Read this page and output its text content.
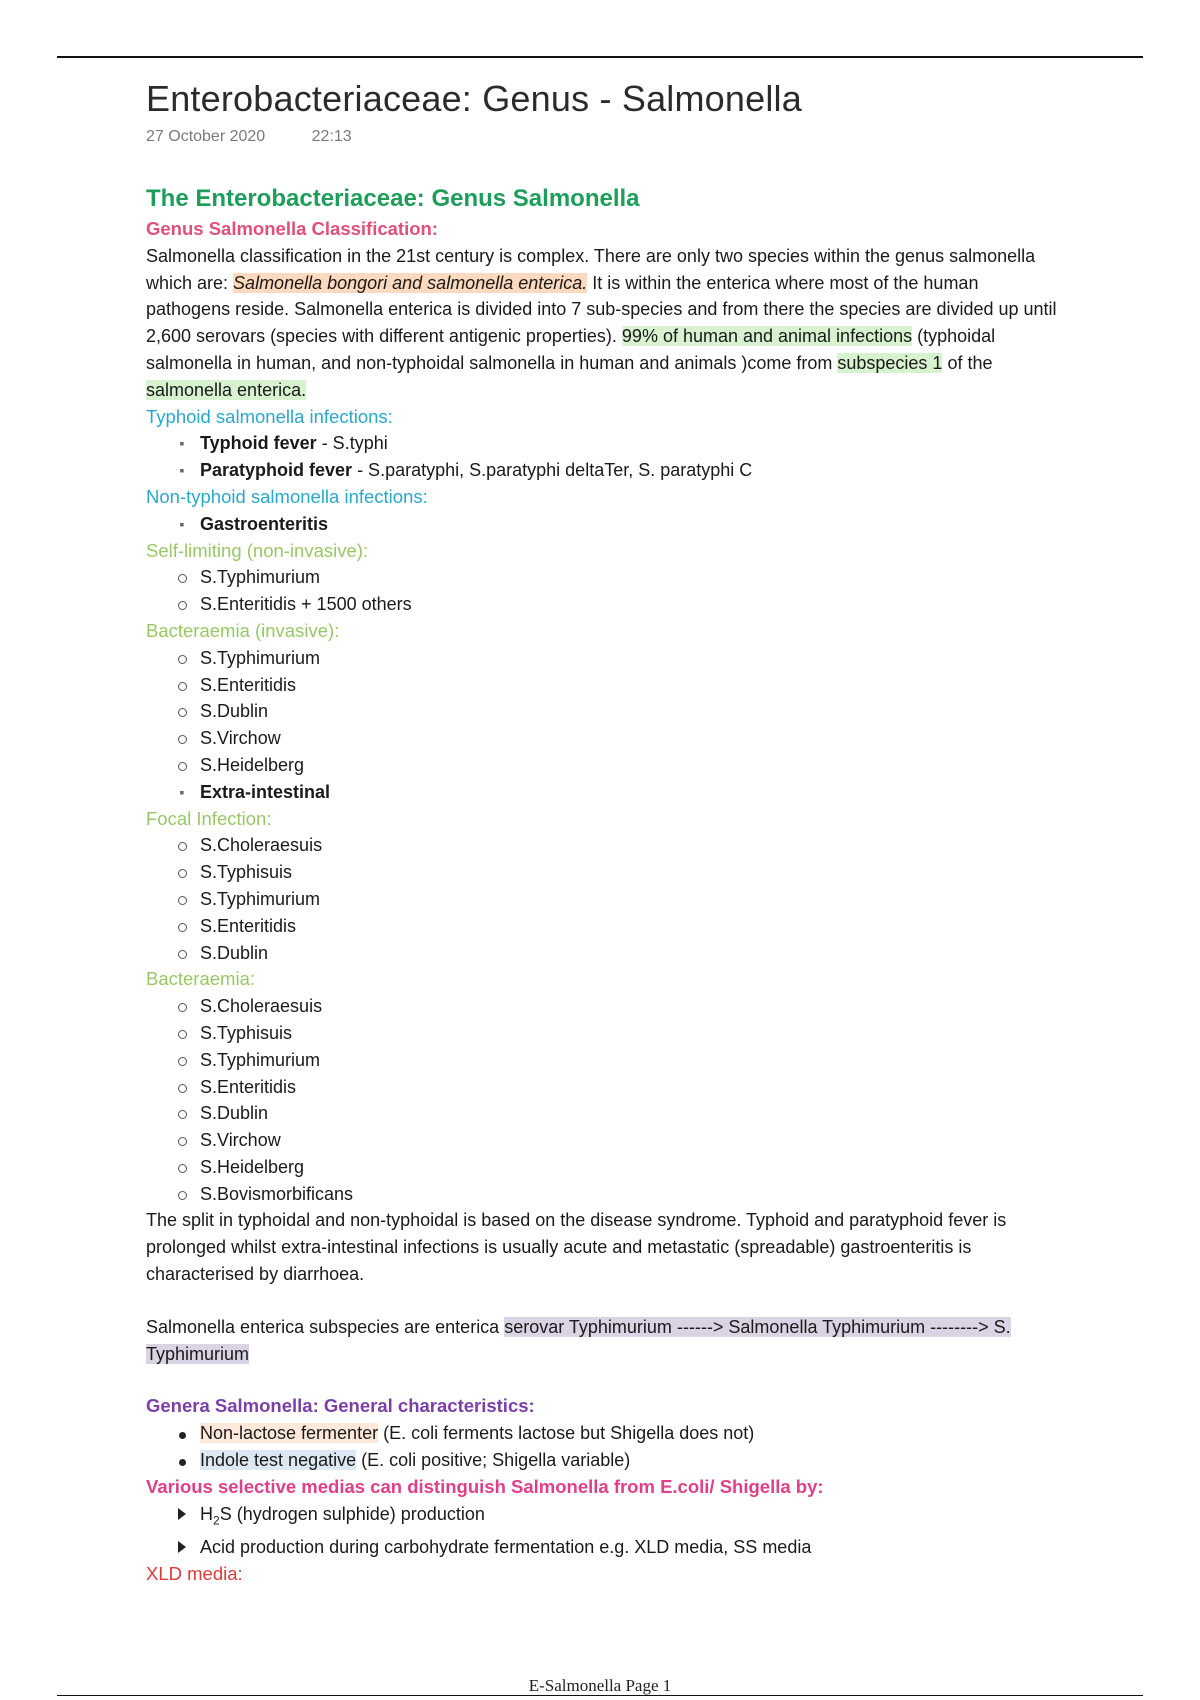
Enterobacteriaceae: Genus - Salmonella
27 October 2020	22:13
The Enterobacteriaceae: Genus Salmonella
Genus Salmonella Classification:

Salmonella classification in the 21st century is complex. There are only two species within the genus salmonella which are: Salmonella bongori and salmonella enterica. It is within the enterica where most of the human pathogens reside. Salmonella enterica is divided into 7 sub-species and from there the species are divided up until 2,600 serovars (species with different antigenic properties). 99% of human and animal infections (typhoidal salmonella in human, and non-typhoidal salmonella in human and animals )come from subspecies 1 of the salmonella enterica.

Typhoid salmonella infections:
▪ Typhoid fever - S.typhi
▪ Paratyphoid fever - S.paratyphi, S.paratyphi deltaTer, S. paratyphi C
Non-typhoid salmonella infections:
▪ Gastroenteritis
Self-limiting (non-invasive):
S.Typhimurium
S.Enteritidis + 1500 others
Bacteraemia (invasive):
S.Typhimurium
S.Enteritidis
S.Dublin
S.Virchow
S.Heidelberg
▪ Extra-intestinal
Focal Infection:
S.Choleraesuis
S.Typhisuis
S.Typhimurium
S.Enteritidis
S.Dublin
Bacteraemia:
S.Choleraesuis
S.Typhisuis
S.Typhimurium
S.Enteritidis
S.Dublin
S.Virchow
S.Heidelberg
S.Bovismorbificans

The split in typhoidal and non-typhoidal is based on the disease syndrome. Typhoid and paratyphoid fever is prolonged whilst extra-intestinal infections is usually acute and metastatic (spreadable) gastroenteritis is characterised by diarrhoea.

Salmonella enterica subspecies are enterica serovar Typhimurium ------> Salmonella Typhimurium --------> S. Typhimurium

Genera Salmonella: General characteristics:
Non-lactose fermenter (E. coli ferments lactose but Shigella does not)
Indole test negative (E. coli positive; Shigella variable)
Various selective medias can distinguish Salmonella from E.coli/ Shigella by:
$H_2S$ (hydrogen sulphide) production
Acid production during carbohydrate fermentation e.g. XLD media, SS media
XLD media:
E-Salmonella Page 1
